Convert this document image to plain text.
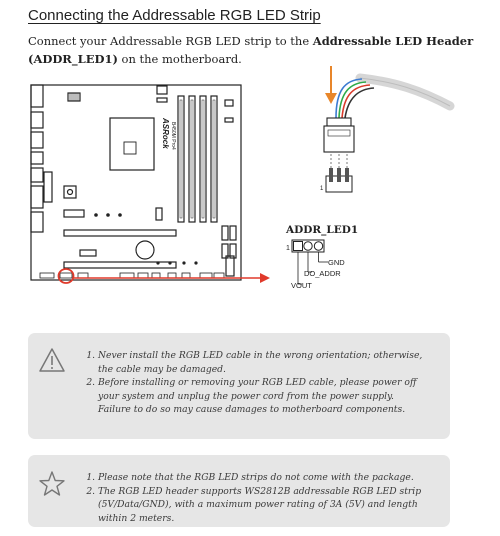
Connecting the Addressable RGB LED Strip
Connect your Addressable RGB LED strip to the Addressable LED Header (ADDR_LED1) on the motherboard.
ASRock B450M Pro4
1
ADDR_LED1
1
GND
DO_ADDR
VOUT
1. Never install the RGB LED cable in the wrong orientation; otherwise, the cable may be damaged.
2. Before installing or removing your RGB LED cable, please power off your system and unplug the power cord from the power supply. Failure to do so may cause damages to motherboard components.
1. Please note that the RGB LED strips do not come with the package.
2. The RGB LED header supports WS2812B addressable RGB LED strip (5V/Data/GND), with a maximum power rating of 3A (5V) and length within 2 meters.
